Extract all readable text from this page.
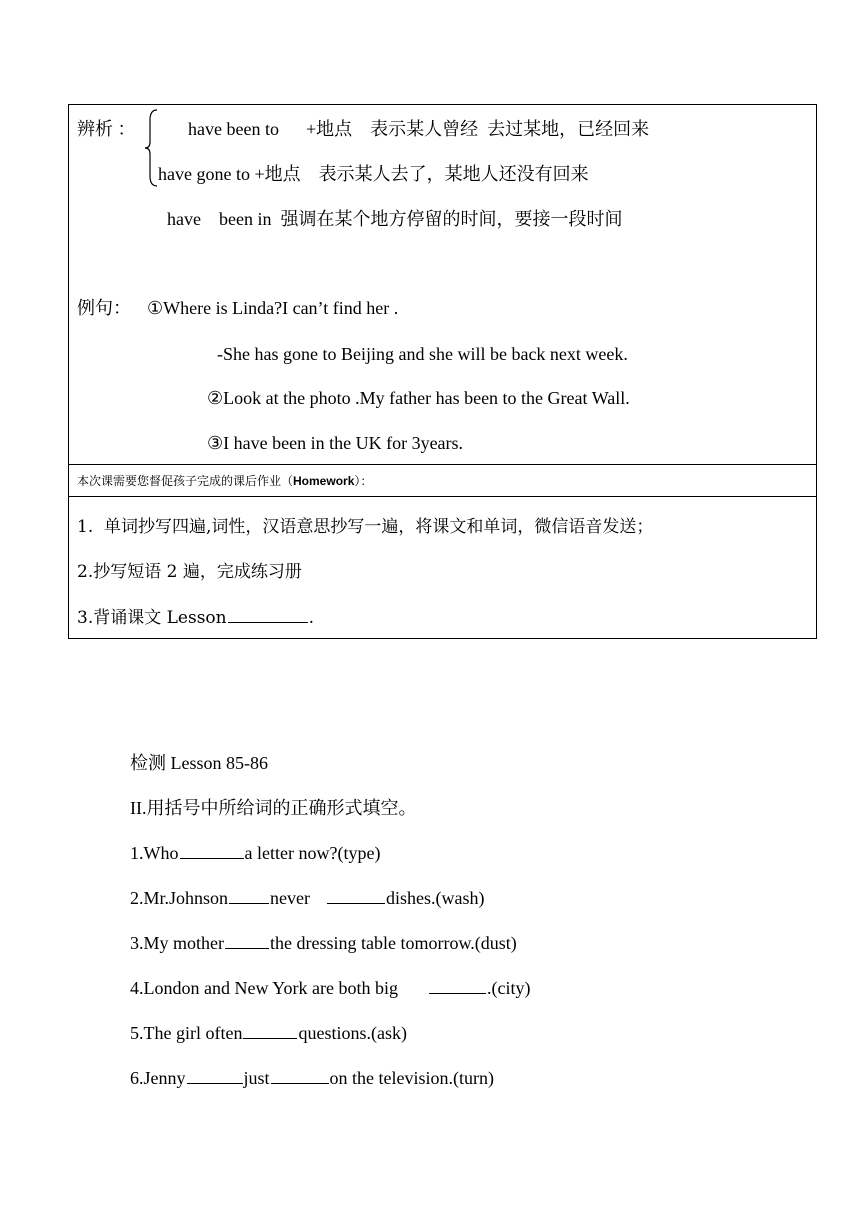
辨析 ：	have been to      +地点    表示某人曾经  去过某地，已经回来
have gone to +地点    表示某人去了，某地人还没有回来
have    been in  强调在某个地方停留的时间，要接一段时间
例句： ①Where is Linda?I can’t find her .
-She has gone to Beijing and she will be back next week.
②Look at the photo .My father has been to the Great Wall.
③I have been in the UK for 3years.
本次课需要您督促孩子完成的课后作业（Homework）：
1.  单词抄写四遍,词性，汉语意思抄写一遍，将课文和单词，微信语音发送；
2.抄写短语 2 遍，完成练习册
3.背诵课文 Lesson	.
检测 Lesson 85-86
II.用括号中所给词的正确形式填空。
1.Who	a letter now?(type)
2.Mr.Johnson never	dishes.(wash)
3.My mother	the dressing table tomorrow.(dust)
4.London and New York are both big	.(city)
5.The girl often	questions.(ask)
6.Jenny	just	on the television.(turn)
